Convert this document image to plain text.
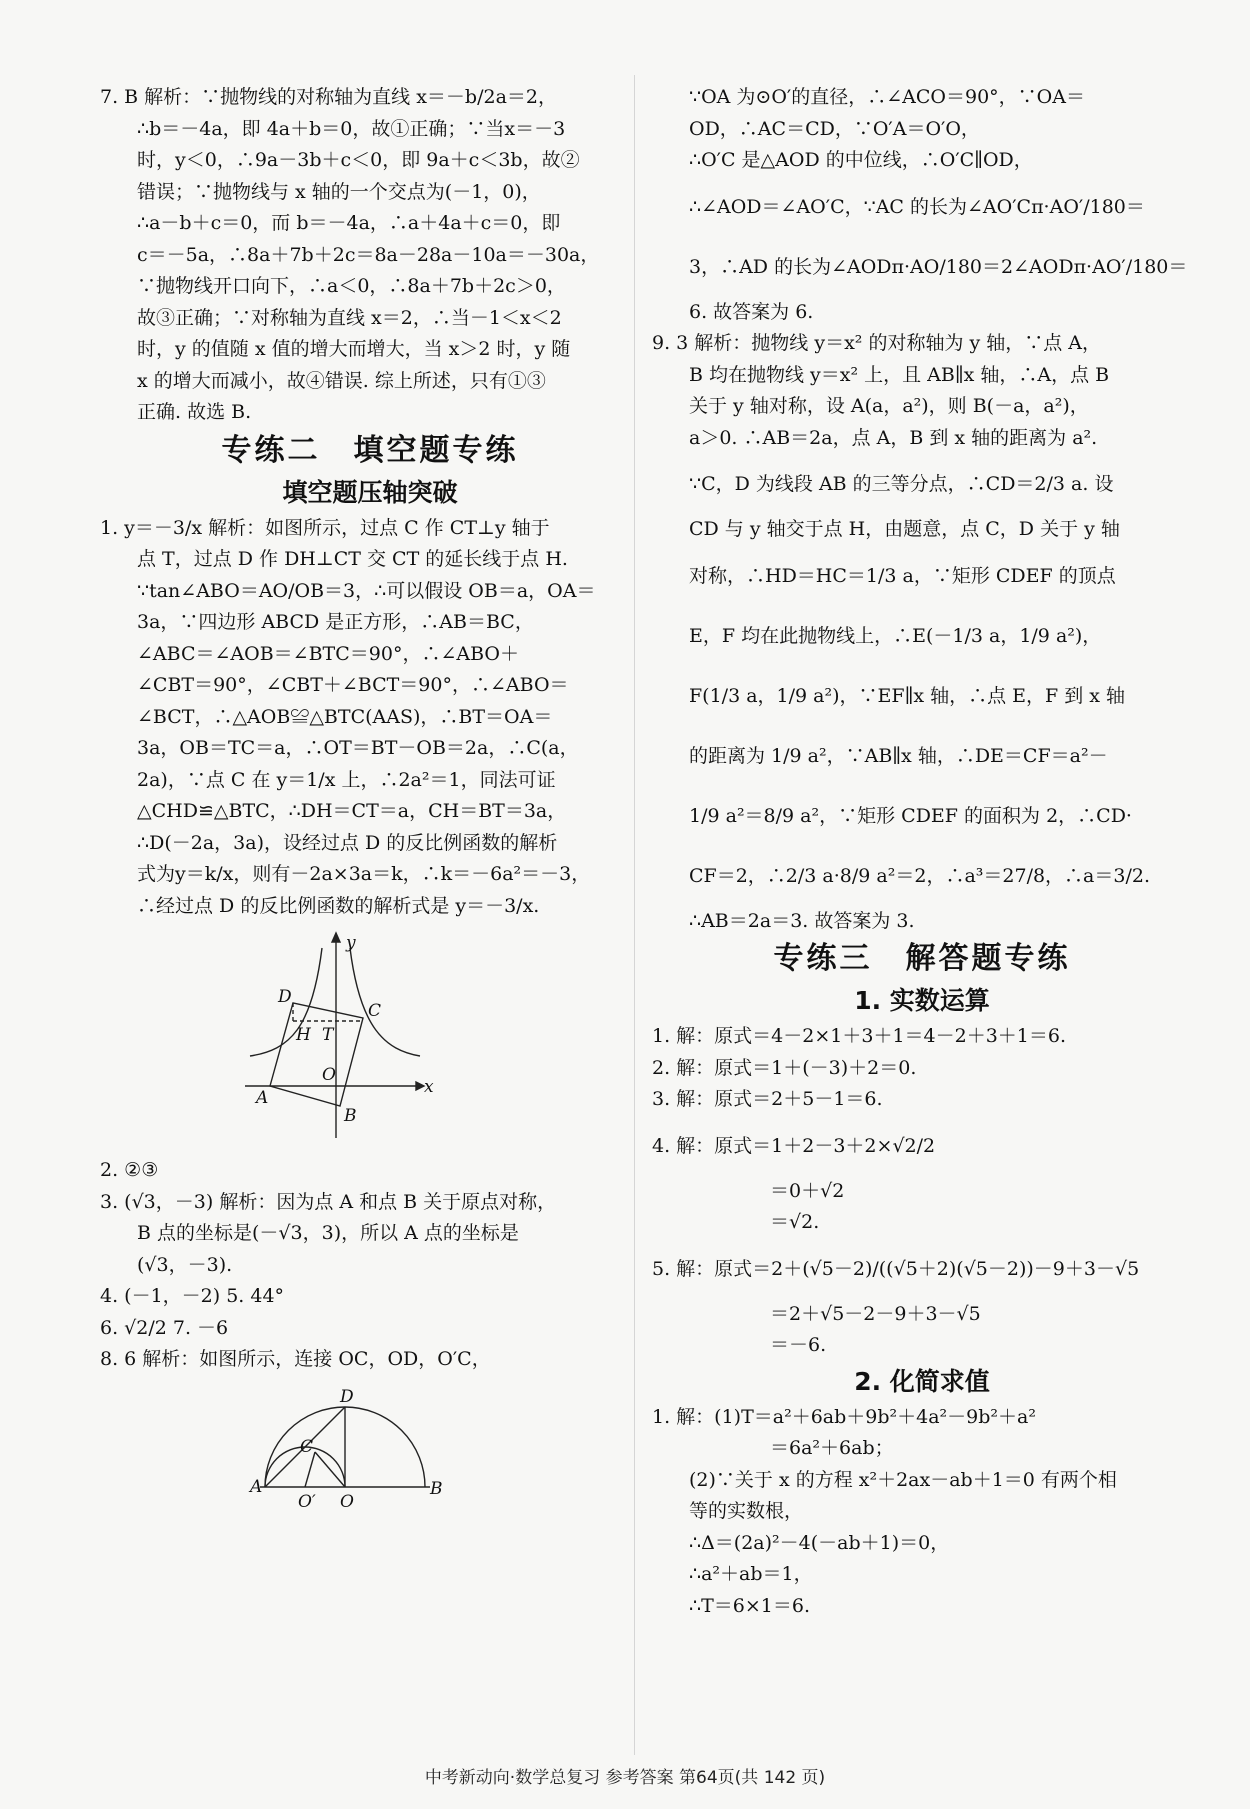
7. B 解析：∵抛物线的对称轴为直线 x＝－b/2a＝2，
∴b＝－4a，即 4a＋b＝0，故①正确；∵当x＝－3
时，y＜0，∴9a－3b＋c＜0，即 9a＋c＜3b，故②
错误；∵抛物线与 x 轴的一个交点为(－1，0)，
∴a－b＋c＝0，而 b＝－4a，∴a＋4a＋c＝0，即
c＝－5a，∴8a＋7b＋2c＝8a－28a－10a＝－30a，
∵抛物线开口向下，∴a＜0，∴8a＋7b＋2c＞0，
故③正确；∵对称轴为直线 x＝2，∴当－1＜x＜2
时，y 的值随 x 值的增大而增大，当 x＞2 时，y 随
x 的增大而减小，故④错误. 综上所述，只有①③
正确. 故选 B.
专练二　填空题专练
填空题压轴突破
1. y＝－3/x 解析：如图所示，过点 C 作 CT⊥y 轴于
点 T，过点 D 作 DH⊥CT 交 CT 的延长线于点 H.
∵tan∠ABO＝AO/OB＝3，∴可以假设 OB＝a，OA＝
3a，∵四边形 ABCD 是正方形，∴AB＝BC，
∠ABC＝∠AOB＝∠BTC＝90°，∴∠ABO＋
∠CBT＝90°，∠CBT＋∠BCT＝90°，∴∠ABO＝
∠BCT，∴△AOB≌△BTC(AAS)，∴BT＝OA＝
3a，OB＝TC＝a，∴OT＝BT－OB＝2a，∴C(a，
2a)，∵点 C 在 y＝1/x 上，∴2a²＝1，同法可证
△CHD≌△BTC，∴DH＝CT＝a，CH＝BT＝3a，
∴D(－2a，3a)，设经过点 D 的反比例函数的解析
式为y＝k/x，则有－2a×3a＝k，∴k＝－6a²＝－3，
∴经过点 D 的反比例函数的解析式是 y＝－3/x.
y
x
D
C
H T
O
A
B
2. ②③
3. (√3，－3) 解析：因为点 A 和点 B 关于原点对称，
B 点的坐标是(－√3，3)，所以 A 点的坐标是
(√3，－3).
4. (－1，－2) 5. 44°
6. √2/2 7. －6
8. 6 解析：如图所示，连接 OC，OD，O′C，
D
C
A	B
O
O′
∵OA 为⊙O′的直径，∴∠ACO＝90°，∵OA＝
OD，∴AC＝CD，∵O′A＝O′O，
∴O′C 是△AOD 的中位线，∴O′C∥OD，
∴∠AOD＝∠AO′C，∵AC 的长为∠AO′Cπ·AO′/180＝
3，∴AD 的长为∠AODπ·AO/180＝2∠AODπ·AO′/180＝
6. 故答案为 6.
9. 3 解析：抛物线 y＝x² 的对称轴为 y 轴，∵点 A，
B 均在抛物线 y＝x² 上，且 AB∥x 轴，∴A，点 B
关于 y 轴对称，设 A(a，a²)，则 B(－a，a²)，
a＞0. ∴AB＝2a，点 A，B 到 x 轴的距离为 a².
∵C，D 为线段 AB 的三等分点，∴CD＝2/3 a. 设
CD 与 y 轴交于点 H，由题意，点 C，D 关于 y 轴
对称，∴HD＝HC＝1/3 a，∵矩形 CDEF 的顶点
E，F 均在此抛物线上，∴E(－1/3 a，1/9 a²)，
F(1/3 a，1/9 a²)，∵EF∥x 轴，∴点 E，F 到 x 轴
的距离为 1/9 a²，∵AB∥x 轴，∴DE＝CF＝a²－
1/9 a²＝8/9 a²，∵矩形 CDEF 的面积为 2，∴CD·
CF＝2，∴2/3 a·8/9 a²＝2，∴a³＝27/8，∴a＝3/2.
∴AB＝2a＝3. 故答案为 3.
专练三　解答题专练
1. 实数运算
1. 解：原式＝4－2×1＋3＋1＝4－2＋3＋1＝6.
2. 解：原式＝1＋(－3)＋2＝0.
3. 解：原式＝2＋5－1＝6.
4. 解：原式＝1＋2－3＋2×√2/2
＝0＋√2
＝√2.
5. 解：原式＝2＋(√5－2)/((√5＋2)(√5－2))－9＋3－√5
＝2＋√5－2－9＋3－√5
＝－6.
2. 化简求值
1. 解：(1)T＝a²＋6ab＋9b²＋4a²－9b²＋a²
＝6a²＋6ab；
(2)∵关于 x 的方程 x²＋2ax－ab＋1＝0 有两个相
等的实数根，
∴Δ＝(2a)²－4(－ab＋1)＝0，
∴a²＋ab＝1，
∴T＝6×1＝6.
中考新动向·数学总复习 参考答案 第64页(共 142 页)
